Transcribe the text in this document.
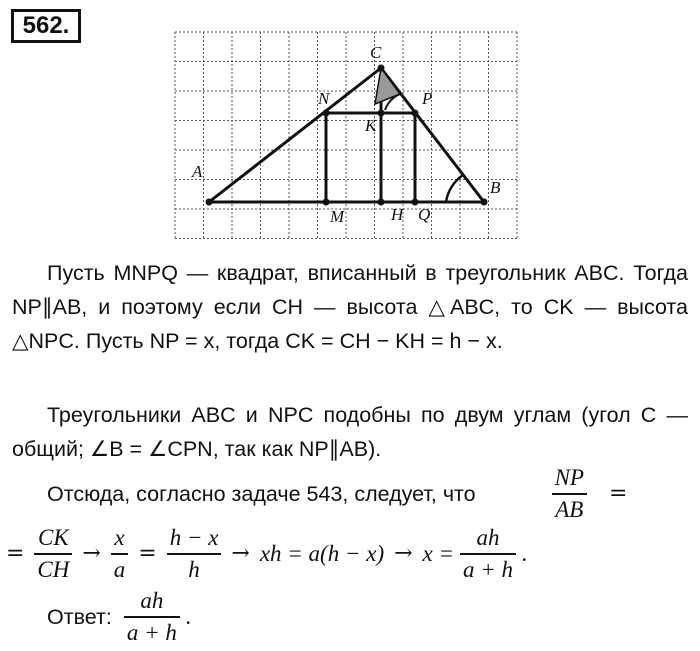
562.
C
N	P
K
A
B
M	H Q
Пусть MNPQ — квадрат, вписанный в треугольник ABC. Тогда NP∥AB, и поэтому если CH — высота △ABC, то CK — высота △NPC. Пусть NP = x, тогда CK = CH − KH = h − x.
Треугольники ABC и NPC подобны по двум углам (угол C — общий; ∠B = ∠CPN, так как NP∥AB).
Отсюда, согласно задаче 543, следует, что	$\frac{NP}{AB}$ =
= $\frac{CK}{CH} \to \frac{x}{a} = \frac{h - x}{h}$ → xh = $a(h - x) \to x = \frac{ah}{a + h}$ .
Ответ: $\frac{ah}{a + h}$ .
